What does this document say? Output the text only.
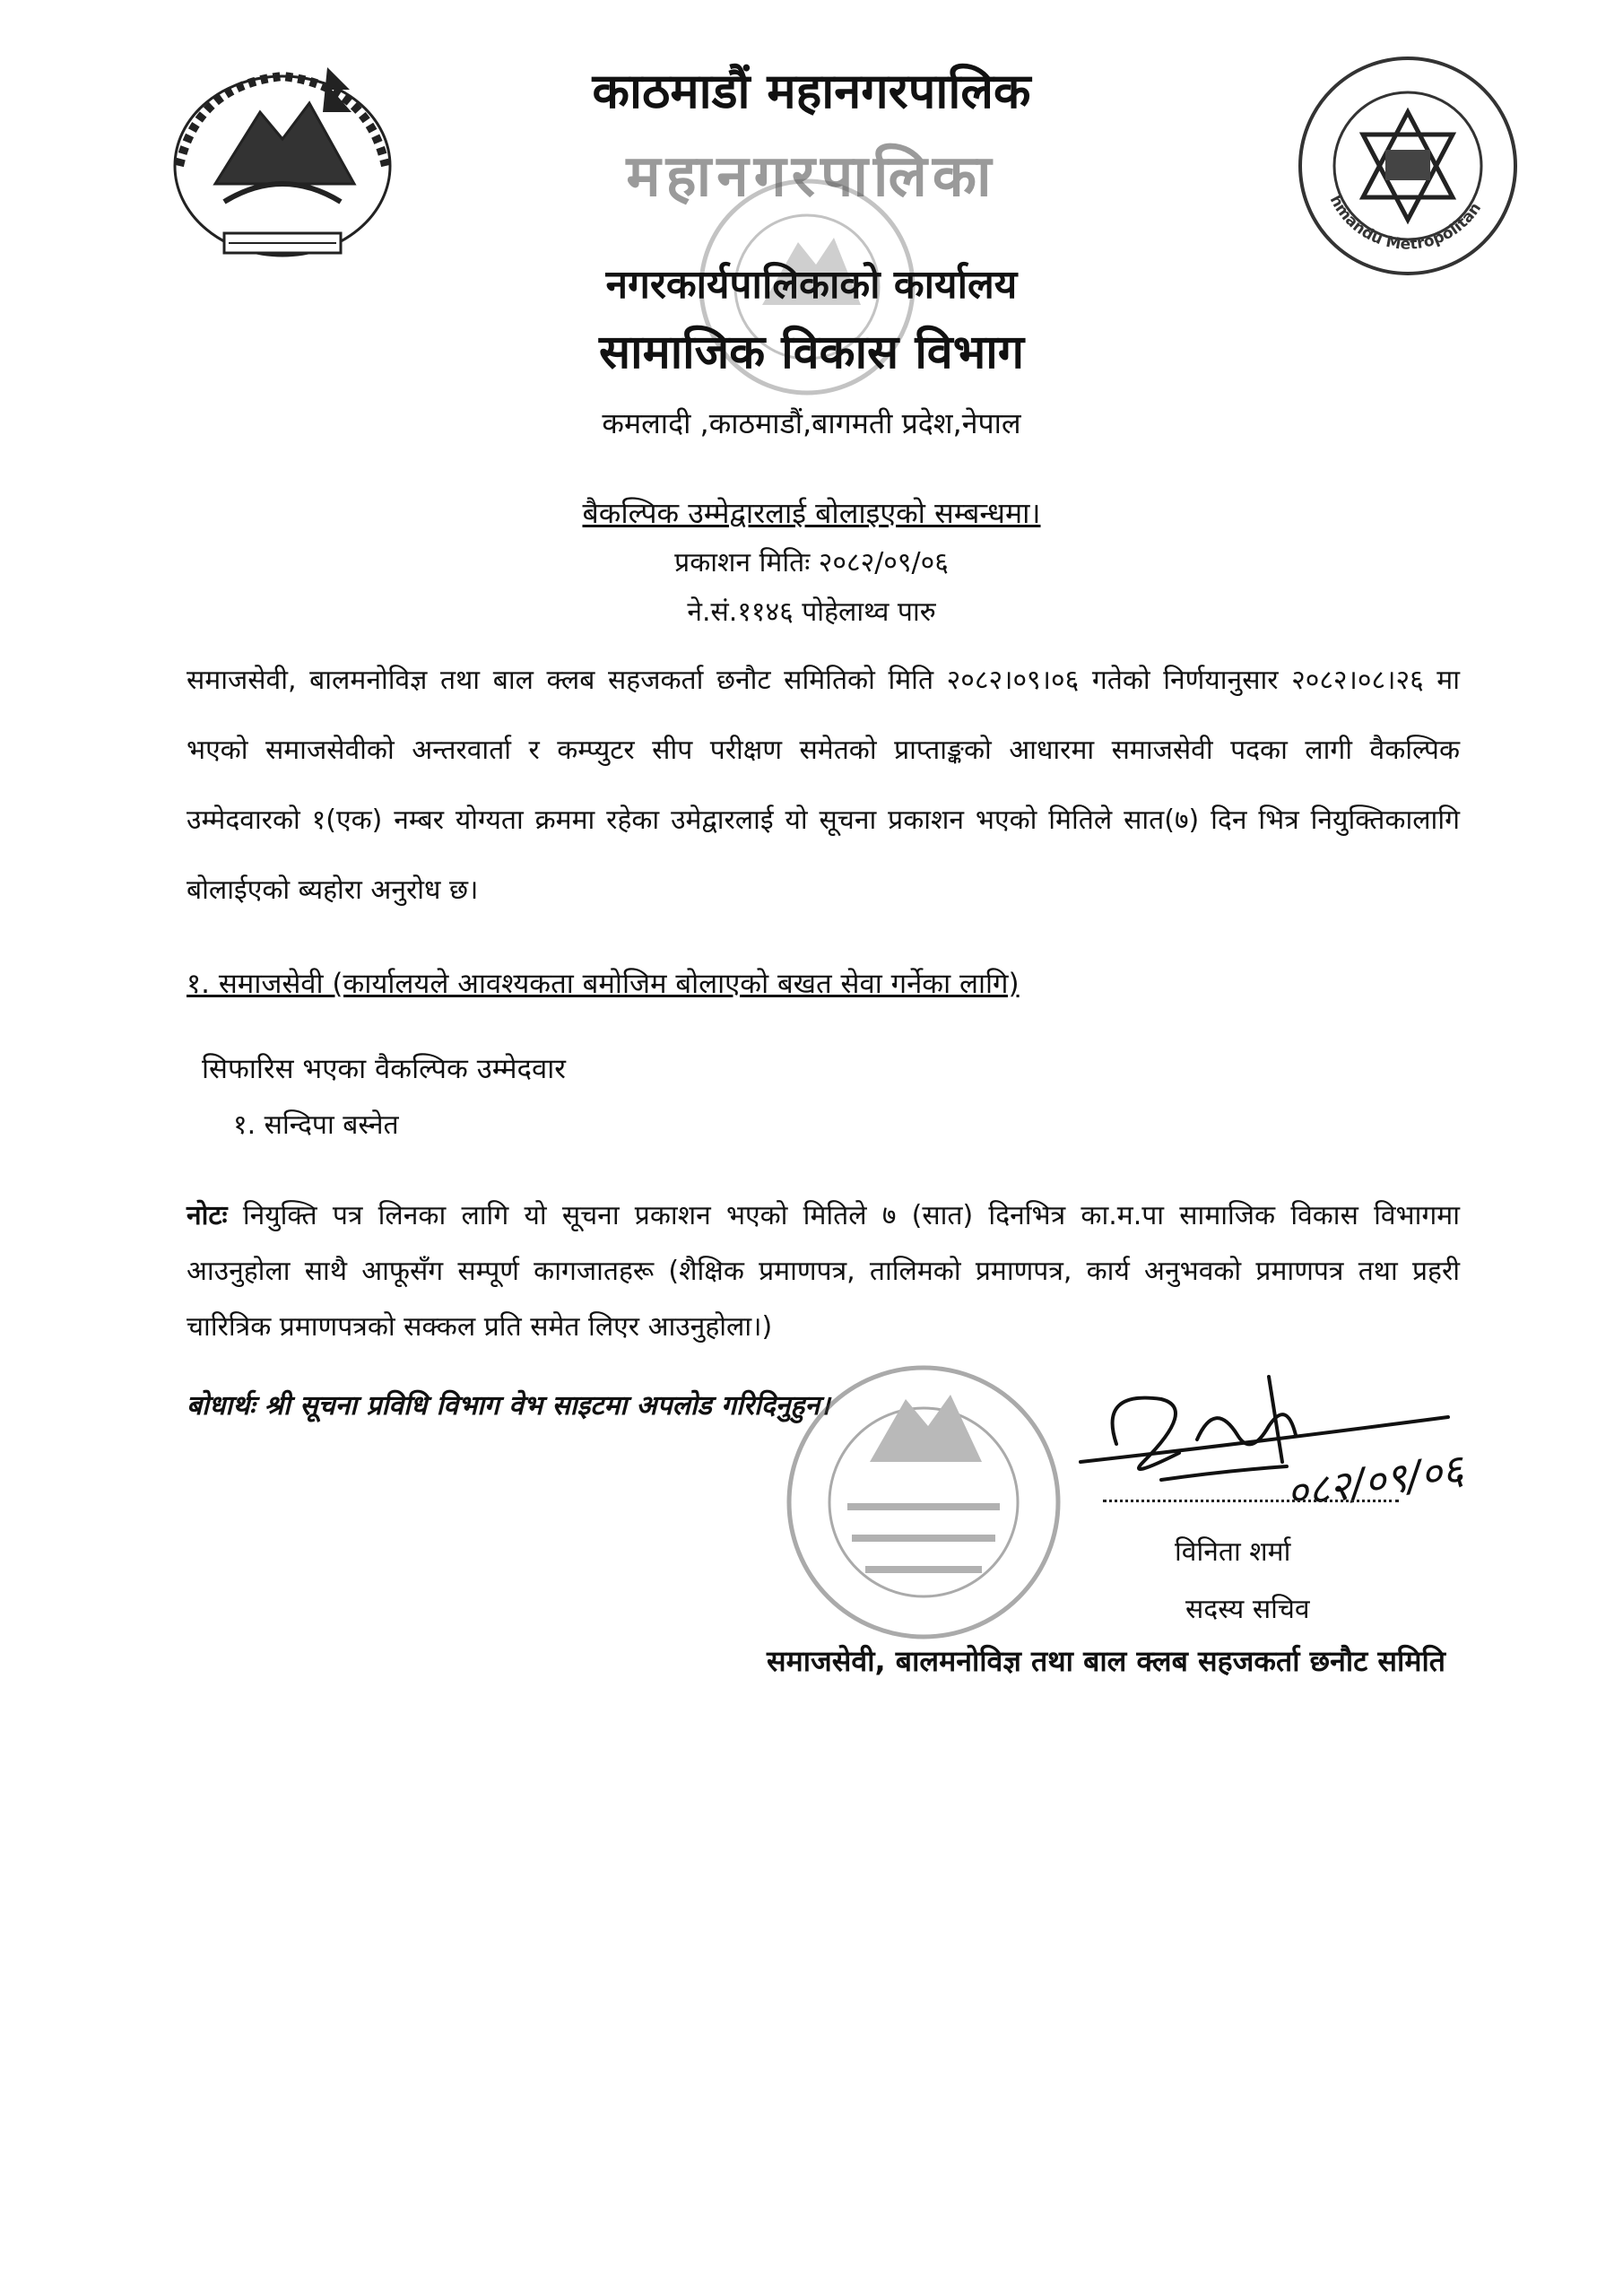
hmandu Metropolitan
काठमाडौं महानगरपालिक
महानगरपालिका
नगरकार्यपालिकाको कार्यालय
सामाजिक विकास विभाग
कमलादी ,काठमाडौं,बागमती प्रदेश,नेपाल
बैकल्पिक उम्मेद्वारलाई बोलाइएको सम्बन्धमा।
प्रकाशन मितिः २०८२/०९/०६
ने.सं.११४६ पोहेलाथ्व पारु
समाजसेवी, बालमनोविज्ञ तथा बाल क्लब सहजकर्ता छनौट समितिको मिति २०८२।०९।०६ गतेको निर्णयानुसार २०८२।०८।२६ मा भएको समाजसेवीको अन्तरवार्ता र कम्प्युटर सीप परीक्षण समेतको प्राप्ताङ्कको आधारमा समाजसेवी पदका लागी वैकल्पिक उम्मेदवारको १(एक) नम्बर योग्यता क्रममा रहेका उमेद्वारलाई यो सूचना प्रकाशन भएको मितिले सात(७) दिन भित्र नियुक्तिकालागि बोलाईएको ब्यहोरा अनुरोध छ।
१. समाजसेवी (कार्यालयले आवश्यकता बमोजिम बोलाएको बखत सेवा गर्नेका लागि)
सिफारिस भएका वैकल्पिक उम्मेदवार
१. सन्दिपा बस्नेत
नोटः नियुक्ति पत्र लिनका लागि यो सूचना प्रकाशन भएको मितिले ७ (सात) दिनभित्र का.म.पा सामाजिक विकास विभागमा आउनुहोला साथै आफूसँग सम्पूर्ण कागजातहरू (शैक्षिक प्रमाणपत्र, तालिमको प्रमाणपत्र, कार्य अनुभवको प्रमाणपत्र तथा प्रहरी चारित्रिक प्रमाणपत्रको सक्कल प्रति समेत लिएर आउनुहोला।)
बोधार्थः श्री सूचना प्रविधि विभाग वेभ साइटमा अपलोड गरिदिनुहुन।
०८२/०९/०६
विनिता शर्मा
सदस्य सचिव
समाजसेवी, बालमनोविज्ञ तथा बाल क्लब सहजकर्ता छनौट समिति
